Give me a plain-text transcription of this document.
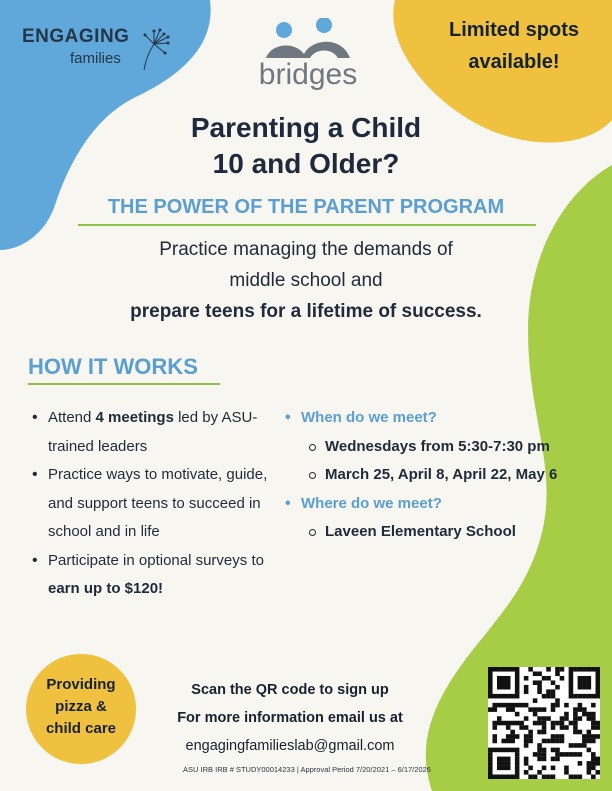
ENGAGING
families	bridges
Limited spots
available!
Parenting a Child
10 and Older?
THE POWER OF THE PARENT PROGRAM
Practice managing the demands of
middle school and
prepare teens for a lifetime of success.
HOW IT WORKS
• Attend 4 meetings led by ASU-trained leaders
• Practice ways to motivate, guide, and support teens to succeed in school and in life
• Participate in optional surveys to earn up to $120!
• When do we meet?
Wednesdays from 5:30-7:30 pm
March 25, April 8, April 22, May 6
• Where do we meet?
Laveen Elementary School
Providing
pizza &
child care
Scan the QR code to sign up
For more information email us at
engagingfamilieslab@gmail.com
ASU IRB IRB # STUDY00014233 | Approval Period 7/20/2021 – 6/17/2026
